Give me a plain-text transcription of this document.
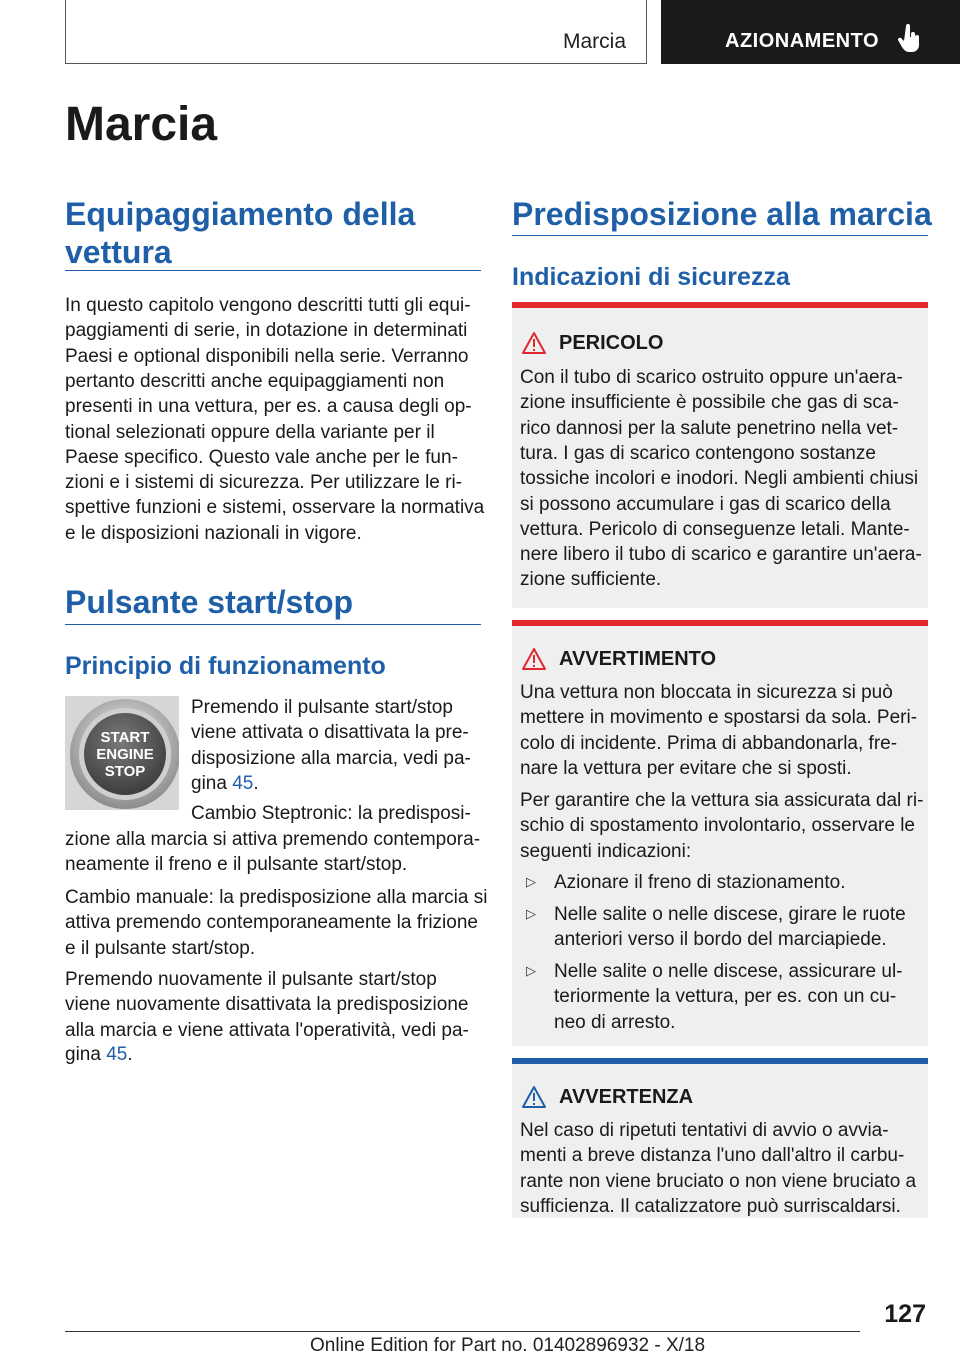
Marcia	AZIONAMENTO
Marcia
Equipaggiamento della vettura

In questo capitolo vengono descritti tutti gli equi‐

paggiamenti di serie, in dotazione in determinati

Paesi e optional disponibili nella serie. Verranno

pertanto descritti anche equipaggiamenti non

presenti in una vettura, per es. a causa degli op‐

tional selezionati oppure della variante per il

Paese specifico. Questo vale anche per le fun‐

zioni e i sistemi di sicurezza. Per utilizzare le ri‐

spettive funzioni e sistemi, osservare la normativa

e le disposizioni nazionali in vigore.

Pulsante start/stop
Principio di funzionamento
START
ENGINE
STOP

Premendo il pulsante start/stop

viene attivata o disattivata la pre‐

disposizione alla marcia, vedi pa‐

gina 45.

Cambio Steptronic: la predisposi‐

zione alla marcia si attiva premendo contempora‐

neamente il freno e il pulsante start/stop.

Cambio manuale: la predisposizione alla marcia si

attiva premendo contemporaneamente la frizione

e il pulsante start/stop.

Premendo nuovamente il pulsante start/stop

viene nuovamente disattivata la predisposizione

alla marcia e viene attivata l'operatività, vedi pa‐

gina 45.

Predisposizione alla marcia
Indicazioni di sicurezza
PERICOLO

Con il tubo di scarico ostruito oppure un'aera‐

zione insufficiente è possibile che gas di sca‐

rico dannosi per la salute penetrino nella vet‐

tura. I gas di scarico contengono sostanze

tossiche incolori e inodori. Negli ambienti chiusi

si possono accumulare i gas di scarico della

vettura. Pericolo di conseguenze letali. Mante‐

nere libero il tubo di scarico e garantire un'aera‐

zione sufficiente.

AVVERTIMENTO

Una vettura non bloccata in sicurezza si può

mettere in movimento e spostarsi da sola. Peri‐

colo di incidente. Prima di abbandonarla, fre‐

nare la vettura per evitare che si sposti.

Per garantire che la vettura sia assicurata dal ri‐

schio di spostamento involontario, osservare le

seguenti indicazioni:

▷ Azionare il freno di stazionamento.

▷ Nelle salite o nelle discese, girare le ruote

anteriori verso il bordo del marciapiede.

▷ Nelle salite o nelle discese, assicurare ul‐

teriormente la vettura, per es. con un cu‐

neo di arresto.

AVVERTENZA

Nel caso di ripetuti tentativi di avvio o avvia‐

menti a breve distanza l'uno dall'altro il carbu‐

rante non viene bruciato o non viene bruciato a

sufficienza. Il catalizzatore può surriscaldarsi.

127
Online Edition for Part no. 01402896932 - X/18
